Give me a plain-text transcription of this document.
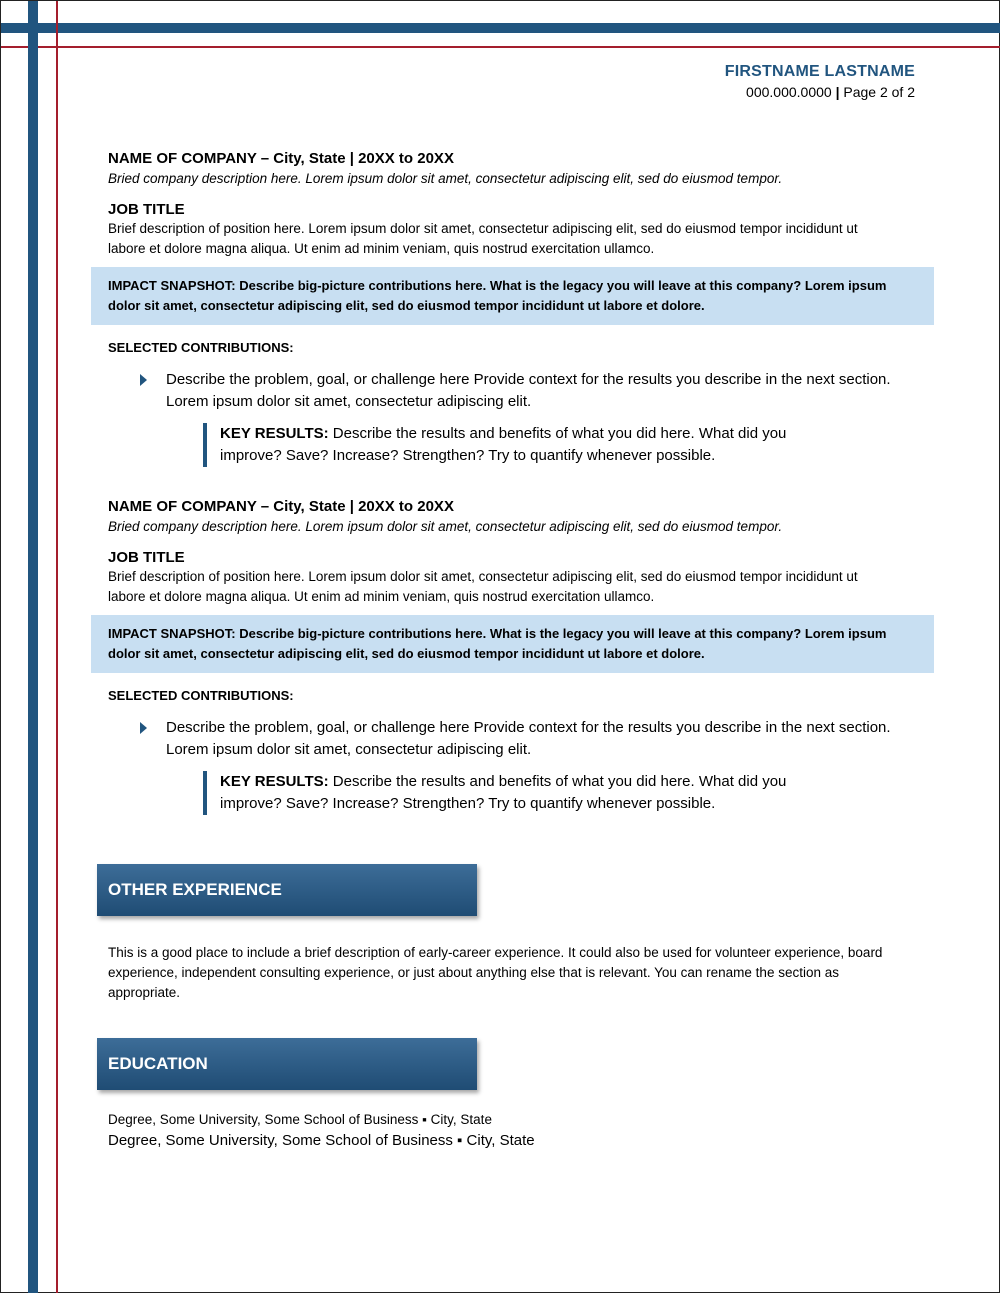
FIRSTNAME LASTNAME
000.000.0000 | Page 2 of 2
NAME OF COMPANY – City, State | 20XX to 20XX
Bried company description here. Lorem ipsum dolor sit amet, consectetur adipiscing elit, sed do eiusmod tempor.
JOB TITLE
Brief description of position here. Lorem ipsum dolor sit amet, consectetur adipiscing elit, sed do eiusmod tempor incididunt ut labore et dolore magna aliqua. Ut enim ad minim veniam, quis nostrud exercitation ullamco.
IMPACT SNAPSHOT: Describe big-picture contributions here. What is the legacy you will leave at this company? Lorem ipsum dolor sit amet, consectetur adipiscing elit, sed do eiusmod tempor incididunt ut labore et dolore.
SELECTED CONTRIBUTIONS:
Describe the problem, goal, or challenge here Provide context for the results you describe in the next section. Lorem ipsum dolor sit amet, consectetur adipiscing elit.
KEY RESULTS: Describe the results and benefits of what you did here. What did you improve? Save? Increase? Strengthen? Try to quantify whenever possible.
NAME OF COMPANY – City, State | 20XX to 20XX
Bried company description here. Lorem ipsum dolor sit amet, consectetur adipiscing elit, sed do eiusmod tempor.
JOB TITLE
Brief description of position here. Lorem ipsum dolor sit amet, consectetur adipiscing elit, sed do eiusmod tempor incididunt ut labore et dolore magna aliqua. Ut enim ad minim veniam, quis nostrud exercitation ullamco.
IMPACT SNAPSHOT: Describe big-picture contributions here. What is the legacy you will leave at this company? Lorem ipsum dolor sit amet, consectetur adipiscing elit, sed do eiusmod tempor incididunt ut labore et dolore.
SELECTED CONTRIBUTIONS:
Describe the problem, goal, or challenge here Provide context for the results you describe in the next section. Lorem ipsum dolor sit amet, consectetur adipiscing elit.
KEY RESULTS: Describe the results and benefits of what you did here. What did you improve? Save? Increase? Strengthen? Try to quantify whenever possible.
OTHER EXPERIENCE
This is a good place to include a brief description of early-career experience. It could also be used for volunteer experience, board experience, independent consulting experience, or just about anything else that is relevant. You can rename the section as appropriate.
EDUCATION
Degree, Some University, Some School of Business ▪ City, State
Degree, Some University, Some School of Business ▪ City, State
